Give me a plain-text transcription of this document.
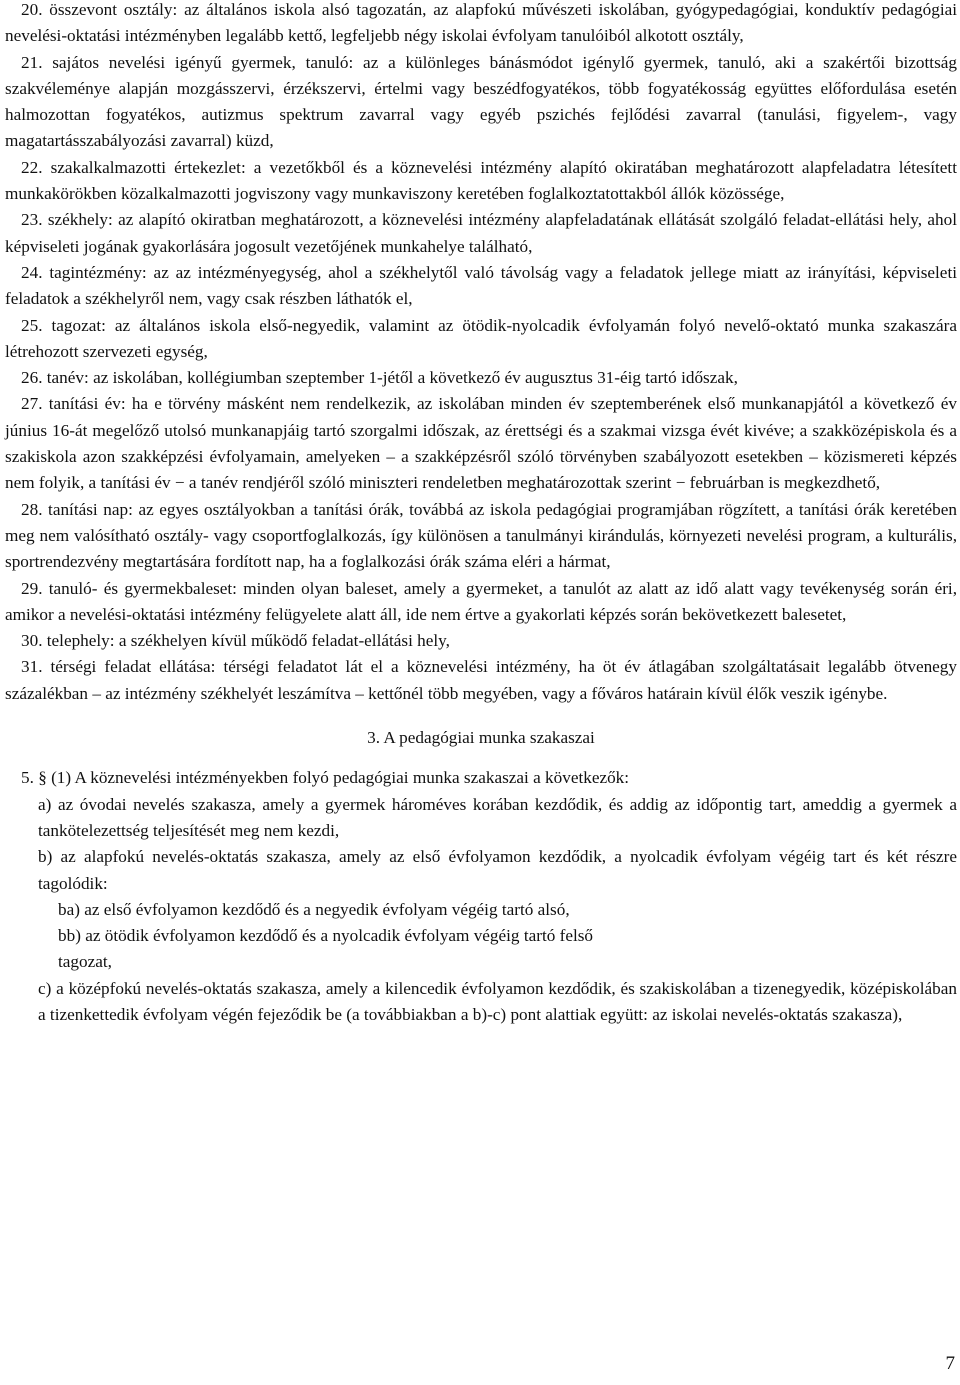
20. összevont osztály: az általános iskola alsó tagozatán, az alapfokú művészeti iskolában, gyógypedagógiai, konduktív pedagógiai nevelési-oktatási intézményben legalább kettő, legfeljebb négy iskolai évfolyam tanulóiból alkotott osztály,

21. sajátos nevelési igényű gyermek, tanuló: az a különleges bánásmódot igénylő gyermek, tanuló, aki a szakértői bizottság szakvéleménye alapján mozgásszervi, érzékszervi, értelmi vagy beszédfogyatékos, több fogyatékosság együttes előfordulása esetén halmozottan fogyatékos, autizmus spektrum zavarral vagy egyéb pszichés fejlődési zavarral (tanulási, figyelem-, vagy magatartásszabályozási zavarral) küzd,

22. szakalkalmazotti értekezlet: a vezetőkből és a köznevelési intézmény alapító okiratában meghatározott alapfeladatra létesített munkakörökben közalkalmazotti jogviszony vagy munkaviszony keretében foglalkoztatottakból állók közössége,

23. székhely: az alapító okiratban meghatározott, a köznevelési intézmény alapfeladatának ellátását szolgáló feladat-ellátási hely, ahol képviseleti jogának gyakorlására jogosult vezetőjének munkahelye található,

24. tagintézmény: az az intézményegység, ahol a székhelytől való távolság vagy a feladatok jellege miatt az irányítási, képviseleti feladatok a székhelyről nem, vagy csak részben láthatók el,

25. tagozat: az általános iskola első-negyedik, valamint az ötödik-nyolcadik évfolyamán folyó nevelő-oktató munka szakaszára létrehozott szervezeti egység,

26. tanév: az iskolában, kollégiumban szeptember 1-jétől a következő év augusztus 31-éig tartó időszak,

27. tanítási év: ha e törvény másként nem rendelkezik, az iskolában minden év szeptemberének első munkanapjától a következő év június 16-át megelőző utolsó munkanapjáig tartó szorgalmi időszak, az érettségi és a szakmai vizsga évét kivéve; a szakközépiskola és a szakiskola azon szakképzési évfolyamain, amelyeken – a szakképzésről szóló törvényben szabályozott esetekben – közismereti képzés nem folyik, a tanítási év − a tanév rendjéről szóló miniszteri rendeletben meghatározottak szerint − februárban is megkezdhető,

28. tanítási nap: az egyes osztályokban a tanítási órák, továbbá az iskola pedagógiai programjában rögzített, a tanítási órák keretében meg nem valósítható osztály- vagy csoportfoglalkozás, így különösen a tanulmányi kirándulás, környezeti nevelési program, a kulturális, sportrendezvény megtartására fordított nap, ha a foglalkozási órák száma eléri a hármat,

29. tanuló- és gyermekbaleset: minden olyan baleset, amely a gyermeket, a tanulót az alatt az idő alatt vagy tevékenység során éri, amikor a nevelési-oktatási intézmény felügyelete alatt áll, ide nem értve a gyakorlati képzés során bekövetkezett balesetet,

30. telephely: a székhelyen kívül működő feladat-ellátási hely,

31. térségi feladat ellátása: térségi feladatot lát el a köznevelési intézmény, ha öt év átlagában szolgáltatásait legalább ötvenegy százalékban – az intézmény székhelyét leszámítva – kettőnél több megyében, vagy a főváros határain kívül élők veszik igénybe.

3. A pedagógiai munka szakaszai
5. § (1) A köznevelési intézményekben folyó pedagógiai munka szakaszai a következők:
a) az óvodai nevelés szakasza, amely a gyermek hároméves korában kezdődik, és addig az időpontig tart, ameddig a gyermek a tankötelezettség teljesítését meg nem kezdi,
b) az alapfokú nevelés-oktatás szakasza, amely az első évfolyamon kezdődik, a nyolcadik évfolyam végéig tart és két részre tagolódik:
ba) az első évfolyamon kezdődő és a negyedik évfolyam végéig tartó alsó,
bb) az ötödik évfolyamon kezdődő és a nyolcadik évfolyam végéig tartó felső
tagozat,
c) a középfokú nevelés-oktatás szakasza, amely a kilencedik évfolyamon kezdődik, és szakiskolában a tizenegyedik, középiskolában a tizenkettedik évfolyam végén fejeződik be (a továbbiakban a b)-c) pont alattiak együtt: az iskolai nevelés-oktatás szakasza),
7
